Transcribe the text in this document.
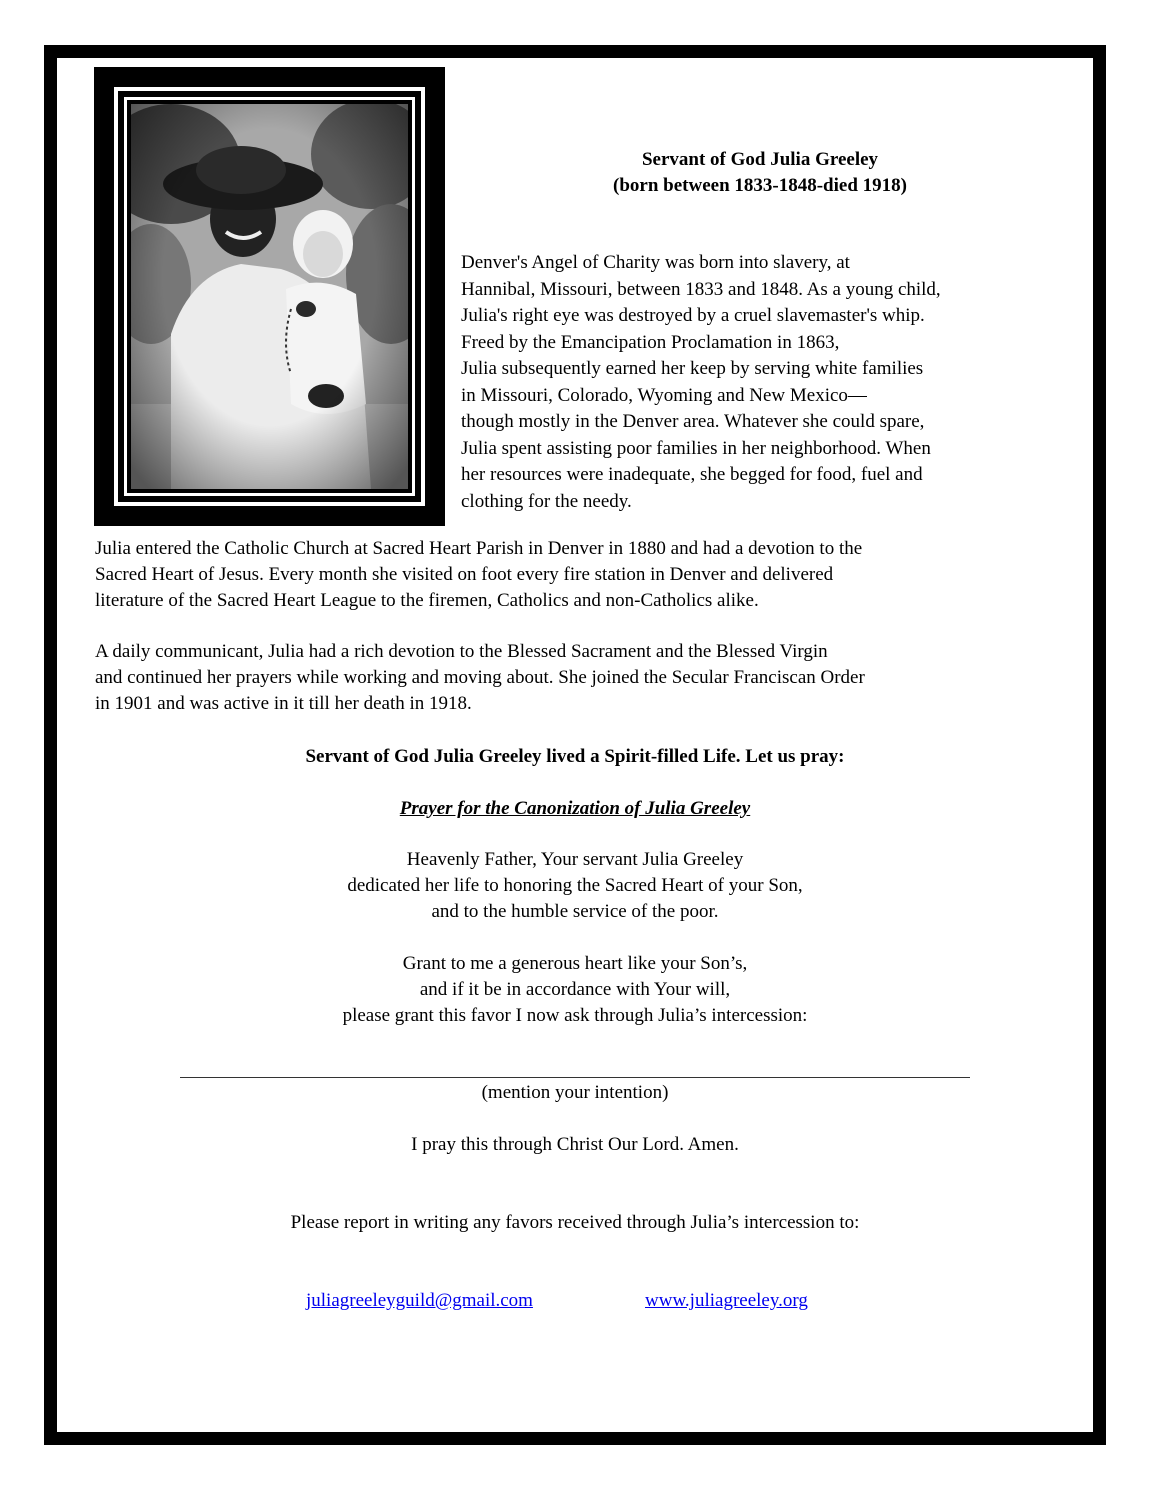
Servant of God Julia Greeley
(born between 1833-1848-died 1918)
Denver's Angel of Charity was born into slavery, at
Hannibal, Missouri, between 1833 and 1848. As a young child,
Julia's right eye was destroyed by a cruel slavemaster's whip.
Freed by the Emancipation Proclamation in 1863,
Julia subsequently earned her keep by serving white families
in Missouri, Colorado, Wyoming and New Mexico—
though mostly in the Denver area. Whatever she could spare,
Julia spent assisting poor families in her neighborhood. When
her resources were inadequate, she begged for food, fuel and
clothing for the needy.
Julia entered the Catholic Church at Sacred Heart Parish in Denver in 1880 and had a devotion to the
Sacred Heart of Jesus. Every month she visited on foot every fire station in Denver and delivered
literature of the Sacred Heart League to the firemen, Catholics and non-Catholics alike.
A daily communicant, Julia had a rich devotion to the Blessed Sacrament and the Blessed Virgin
and continued her prayers while working and moving about. She joined the Secular Franciscan Order
in 1901 and was active in it till her death in 1918.
Servant of God Julia Greeley lived a Spirit-filled Life. Let us pray:
Prayer for the Canonization of Julia Greeley
Heavenly Father, Your servant Julia Greeley
dedicated her life to honoring the Sacred Heart of your Son,
and to the humble service of the poor.
Grant to me a generous heart like your Son’s,
and if it be in accordance with Your will,
please grant this favor I now ask through Julia’s intercession:
(mention your intention)
I pray this through Christ Our Lord. Amen.
Please report in writing any favors received through Julia’s intercession to:
juliagreeleyguild@gmail.com	www.juliagreeley.org
